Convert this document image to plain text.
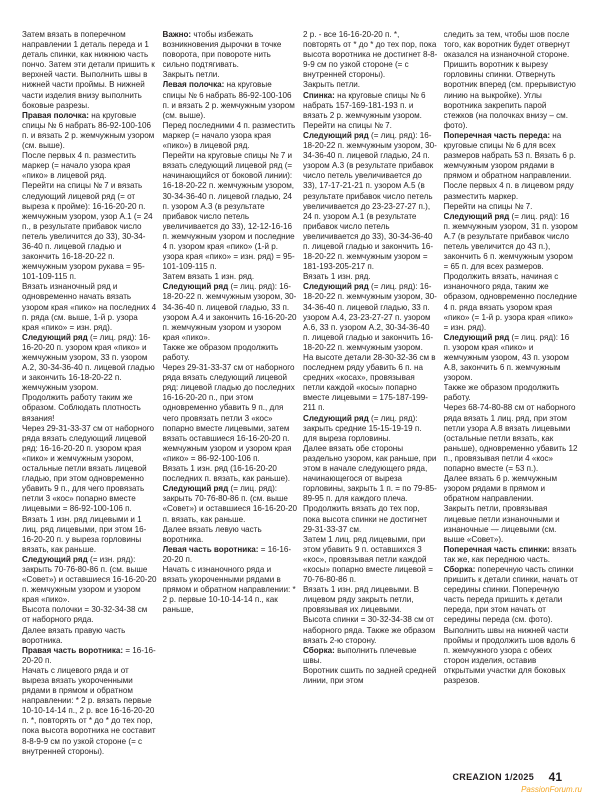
Затем вязать в поперечном направлении 1 деталь переда и 1 деталь спинки, как нижнюю часть пончо. Затем эти детали пришить к верхней части. Выполнить швы в нижней части проймы. В нижней части изделия внизу выполнить боковые разрезы.
Правая полочка: на круговые спицы № 6 набрать 86-92-100-106 п. и вязать 2 р. жемчужным узором (см. выше).
После первых 4 п. разместить маркер (= начало узора края «пико» в лицевой ряд.
Перейти на спицы № 7 и вязать следующий лицевой ряд (= от выреза к пройме): 16-16-20-20 п. жемчужным узором, узор А.1 (= 24 п., в результате прибавок число петель увеличится до 33), 30-34-36-40 п. лицевой гладью и закончить 16-18-20-22 п. жемчужным узором рукава = 95-101-109-115 п.
Вязать изнаночный ряд и одновременно начать вязать узором края «пико» на последних 4 п. ряда (см. выше, 1-й р. узора края «пико» = изн. ряд).
Следующий ряд (= лиц. ряд): 16-16-20-20 п. узором края «пико» и жемчужным узором, 33 п. узором А.2, 30-34-36-40 п. лицевой гладью и закончить 16-18-20-22 п. жемчужным узором.
Продолжить работу таким же образом. Соблюдать плотность вязания!
Через 29-31-33-37 см от наборного ряда вязать следующий лицевой ряд: 16-16-20-20 п. узором края «пико» и жемчужным узором, остальные петли вязать лицевой гладью, при этом одновременно убавить 9 п., для чего провязать петли 3 «кос» попарно вместе лицевыми = 86-92-100-106 п.
Вязать 1 изн. ряд лицевыми и 1 лиц. ряд лицевыми, при этом 16-16-20-20 п. у выреза горловины вязать, как раньше.
Следующий ряд (= изн. ряд): закрыть 70-76-80-86 п. (см. выше «Совет») и оставшиеся 16-16-20-20 п. жемчужным узором и узором края «пико».
Высота полочки = 30-32-34-38 см от наборного ряда.
Далее вязать правую часть воротника.
Правая часть воротника: = 16-16-20-20 п.
Начать с лицевого ряда и от выреза вязать укороченными рядами в прямом и обратном направлении: * 2 р. вязать первые 10-10-14-14 п., 2 р. все 16-16-20-20 п. *, повторять от * до * до тех пор, пока высота воротника не составит 8-8-9-9 см по узкой стороне (= с внутренней стороны).
Важно: чтобы избежать возникновения дырочки в точке поворота, при повороте нить сильно подтягивать.
Закрыть петли.
Левая полочка: на круговые спицы № 6 набрать 86-92-100-106 п. и вязать 2 р. жемчужным узором (см. выше).
Перед последними 4 п. разместить маркер (= начало узора края «пико») в лицевой ряд.
Перейти на круговые спицы № 7 и вязать следующий лицевой ряд (= начинающийся от боковой линии): 16-18-20-22 п. жемчужным узором, 30-34-36-40 п. лицевой гладью, 24 п. узором А.3 (в результате прибавок число петель увеличивается до 33), 12-12-16-16 п. жемчужным узором и последние 4 п. узором края «пико» (1-й р. узора края «пико» = изн. ряд) = 95-101-109-115 п.
Затем вязать 1 изн. ряд.
Следующий ряд (= лиц. ряд): 16-18-20-22 п. жемчужным узором, 30-34-36-40 п. лицевой гладью, 33 п. узором А.4 и закончить 16-16-20-20 п. жемчужным узором и узором края «пико».
Также же образом продолжить работу.
Через 29-31-33-37 см от наборного ряда вязать следующий лицевой ряд: лицевой гладью до последних 16-16-20-20 п., при этом одновременно убавить 9 п., для чего провязать петли 3 «кос» попарно вместе лицевыми, затем вязать оставшиеся 16-16-20-20 п. жемчужным узором и узором края «пико» = 86-92-100-106 п.
Вязать 1 изн. ряд (16-16-20-20 последних п. вязать, как раньше).
Следующий ряд (= лиц. ряд): закрыть 70-76-80-86 п. (см. выше «Совет») и оставшиеся 16-16-20-20 п. вязать, как раньше.
Далее вязать левую часть воротника.
Левая часть воротника: = 16-16-20-20 п.
Начать с изнаночного ряда и вязать укороченными рядами в прямом и обратном направлении: * 2 р. первые 10-10-14-14 п., как раньше,
2 р. - все 16-16-20-20 п. *, повторять от * до * до тех пор, пока высота воротника не достигнет 8-8-9-9 см по узкой стороне (= с внутренней стороны).
Закрыть петли.
Спинка: на круговые спицы № 6 набрать 157-169-181-193 п. и вязать 2 р. жемчужным узором.
Перейти на спицы № 7.
Следующий ряд (= лиц. ряд): 16-18-20-22 п. жемчужным узором, 30-34-36-40 п. лицевой гладью, 24 п. узором А.3 (в результате прибавок число петель увеличивается до 33), 17-17-21-21 п. узором А.5 (в результате прибавок число петель увеличивается до 23-23-27-27 п.), 24 п. узором А.1 (в результате прибавок число петель увеличивается до 33), 30-34-36-40 п. лицевой гладью и закончить 16-18-20-22 п. жемчужным узором = 181-193-205-217 п.
Вязать 1 изн. ряд.
Следующий ряд (= лиц. ряд): 16-18-20-22 п. жемчужным узором, 30-34-36-40 п. лицевой гладью, 33 п. узором А.4, 23-23-27-27 п. узором А.6, 33 п. узором А.2, 30-34-36-40 п. лицевой гладью и закончить 16-18-20-22 п. жемчужным узором.
На высоте детали 28-30-32-36 см в последнем ряду убавить 6 п. на средних «косах», провязывая петли каждой «косы» попарно вместе лицевыми = 175-187-199-211 п.
Следующий ряд (= лиц. ряд): закрыть средние 15-15-19-19 п. для выреза горловины.
Далее вязать обе стороны раздельно узором, как раньше, при этом в начале следующего ряда, начинающегося от выреза горловины, закрыть 1 п. = по 79-85-89-95 п. для каждого плеча.
Продолжить вязать до тех пор, пока высота спинки не достигнет 29-31-33-37 см.
Затем 1 лиц. ряд лицевыми, при этом убавить 9 п. оставшихся 3 «кос», провязывая петли каждой «косы» попарно вместе лицевой = 70-76-80-86 п.
Вязать 1 изн. ряд лицевыми. В лицевом ряду закрыть петли, провязывая их лицевыми.
Высота спинки = 30-32-34-38 см от наборного ряда. Также же образом вязать 2-ю сторону.
Сборка: выполнить плечевые швы.
Воротник сшить по задней средней линии, при этом
следить за тем, чтобы шов после того, как воротник будет отвернут оказался на изнаночной стороне. Пришить воротник к вырезу горловины спинки. Отвернуть воротник вперед (см. прерывистую линию на выкройке). Углы воротника закрепить парой стежков (на полочках внизу – см. фото).
Поперечная часть переда: на круговые спицы № 6 для всех размеров набрать 53 п. Вязать 6 р. жемчужным узором рядами в прямом и обратном направлении. После первых 4 п. в лицевом ряду разместить маркер.
Перейти на спицы № 7.
Следующий ряд (= лиц. ряд): 16 п. жемчужным узором, 31 п. узором А.7 (в результате прибавок число петель увеличится до 43 п.), закончить 6 п. жемчужным узором = 65 п. для всех размеров.
Продолжить вязать, начиная с изнаночного ряда, таким же образом, одновременно последние 4 п. ряда вязать узором края «пико» (= 1-й р. узора края «пико» = изн. ряд).
Следующий ряд (= лиц. ряд): 16 п. узором края «пико» и жемчужным узором, 43 п. узором А.8, закончить 6 п. жемчужным узором.
Также же образом продолжить работу.
Через 68-74-80-88 см от наборного ряда вязать 1 лиц. ряд, при этом петли узора А.8 вязать лицевыми (остальные петли вязать, как раньше), одновременно убавить 12 п., провязывая петли 4 «кос» попарно вместе (= 53 п.).
Далее вязать 6 р. жемчужным узором рядами в прямом и обратном направлении.
Закрыть петли, провязывая лицевые петли изнаночными и изнаночные — лицевыми (см. выше «Совет»).
Поперечная часть спинки: вязать так же, как переднюю часть.
Сборка: поперечную часть спинки пришить к детали спинки, начать от середины спинки. Поперечную часть переда пришить к детали переда, при этом начать от середины переда (см. фото). Выполнить швы на нижней части проймы и продолжить шов вдоль 6 п. жемчужного узора с обеих сторон изделия, оставив открытыми участки для боковых разрезов.
CREAZION 1/2025 41
PassionForum.ru
